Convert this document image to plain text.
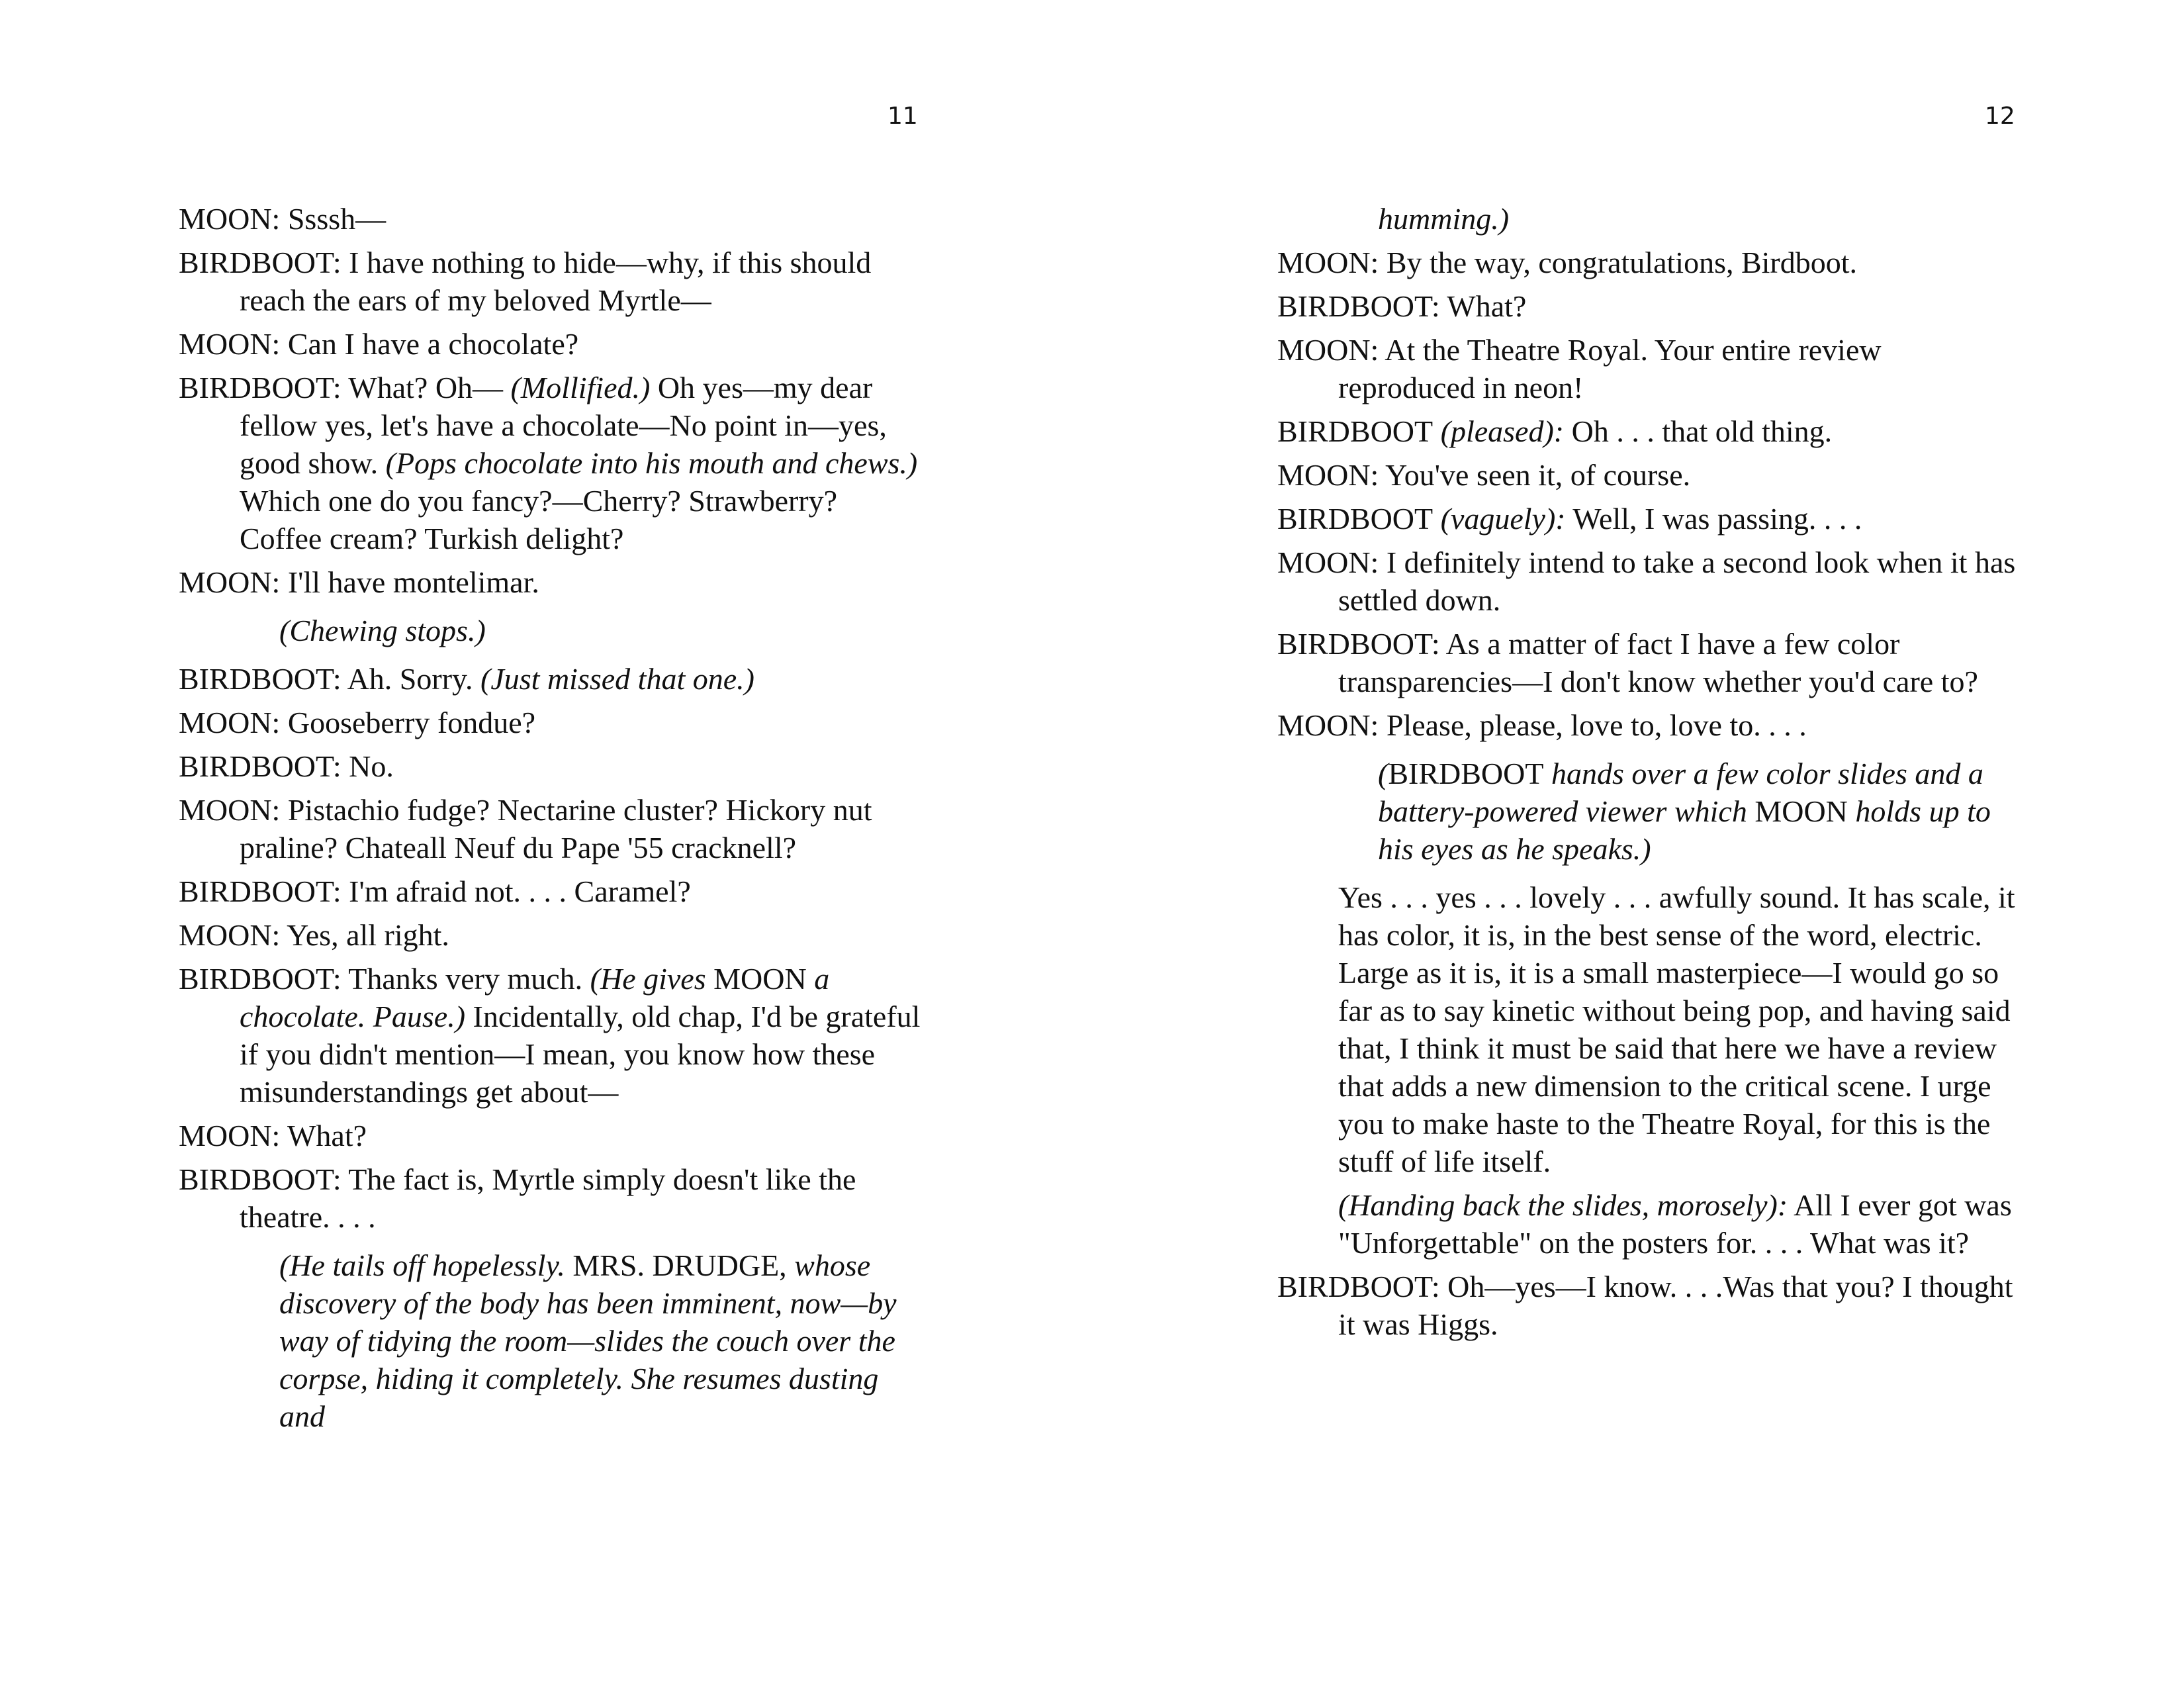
11

MOON: Ssssh—

BIRDBOOT: I have nothing to hide—why, if this should reach the ears of my beloved Myrtle—

MOON: Can I have a chocolate?

BIRDBOOT: What? Oh— (Mollified.) Oh yes—my dear fellow yes, let's have a chocolate—No point in—yes, good show. (Pops chocolate into his mouth and chews.) Which one do you fancy?—Cherry? Strawberry? Coffee cream? Turkish delight?

MOON: I'll have montelimar.

(Chewing stops.)

BIRDBOOT: Ah. Sorry. (Just missed that one.)

MOON: Gooseberry fondue?

BIRDBOOT: No.

MOON: Pistachio fudge? Nectarine cluster? Hickory nut praline? Chateall Neuf du Pape '55 cracknell?

BIRDBOOT: I'm afraid not. . . . Caramel?

MOON: Yes, all right.

BIRDBOOT: Thanks very much. (He gives MOON a chocolate. Pause.) Incidentally, old chap, I'd be grateful if you didn't mention—I mean, you know how these misunderstandings get about—

MOON: What?

BIRDBOOT: The fact is, Myrtle simply doesn't like the theatre. . . .

(He tails off hopelessly. MRS. DRUDGE, whose discovery of the body has been imminent, now—by way of tidying the room—slides the couch over the corpse, hiding it completely. She resumes dusting and

12

humming.)

MOON: By the way, congratulations, Birdboot.

BIRDBOOT: What?

MOON: At the Theatre Royal. Your entire review reproduced in neon!

BIRDBOOT (pleased): Oh . . . that old thing.

MOON: You've seen it, of course.

BIRDBOOT (vaguely): Well, I was passing. . . .

MOON: I definitely intend to take a second look when it has settled down.

BIRDBOOT: As a matter of fact I have a few color transparencies—I don't know whether you'd care to?

MOON: Please, please, love to, love to. . . .

(BIRDBOOT hands over a few color slides and a battery-powered viewer which MOON holds up to his eyes as he speaks.)

Yes . . . yes . . . lovely . . . awfully sound. It has scale, it has color, it is, in the best sense of the word, electric. Large as it is, it is a small masterpiece—I would go so far as to say kinetic without being pop, and having said that, I think it must be said that here we have a review that adds a new dimension to the critical scene. I urge you to make haste to the Theatre Royal, for this is the stuff of life itself.

(Handing back the slides, morosely): All I ever got was "Unforgettable" on the posters for. . . . What was it?

BIRDBOOT: Oh—yes—I know. . . .Was that you? I thought it was Higgs.
